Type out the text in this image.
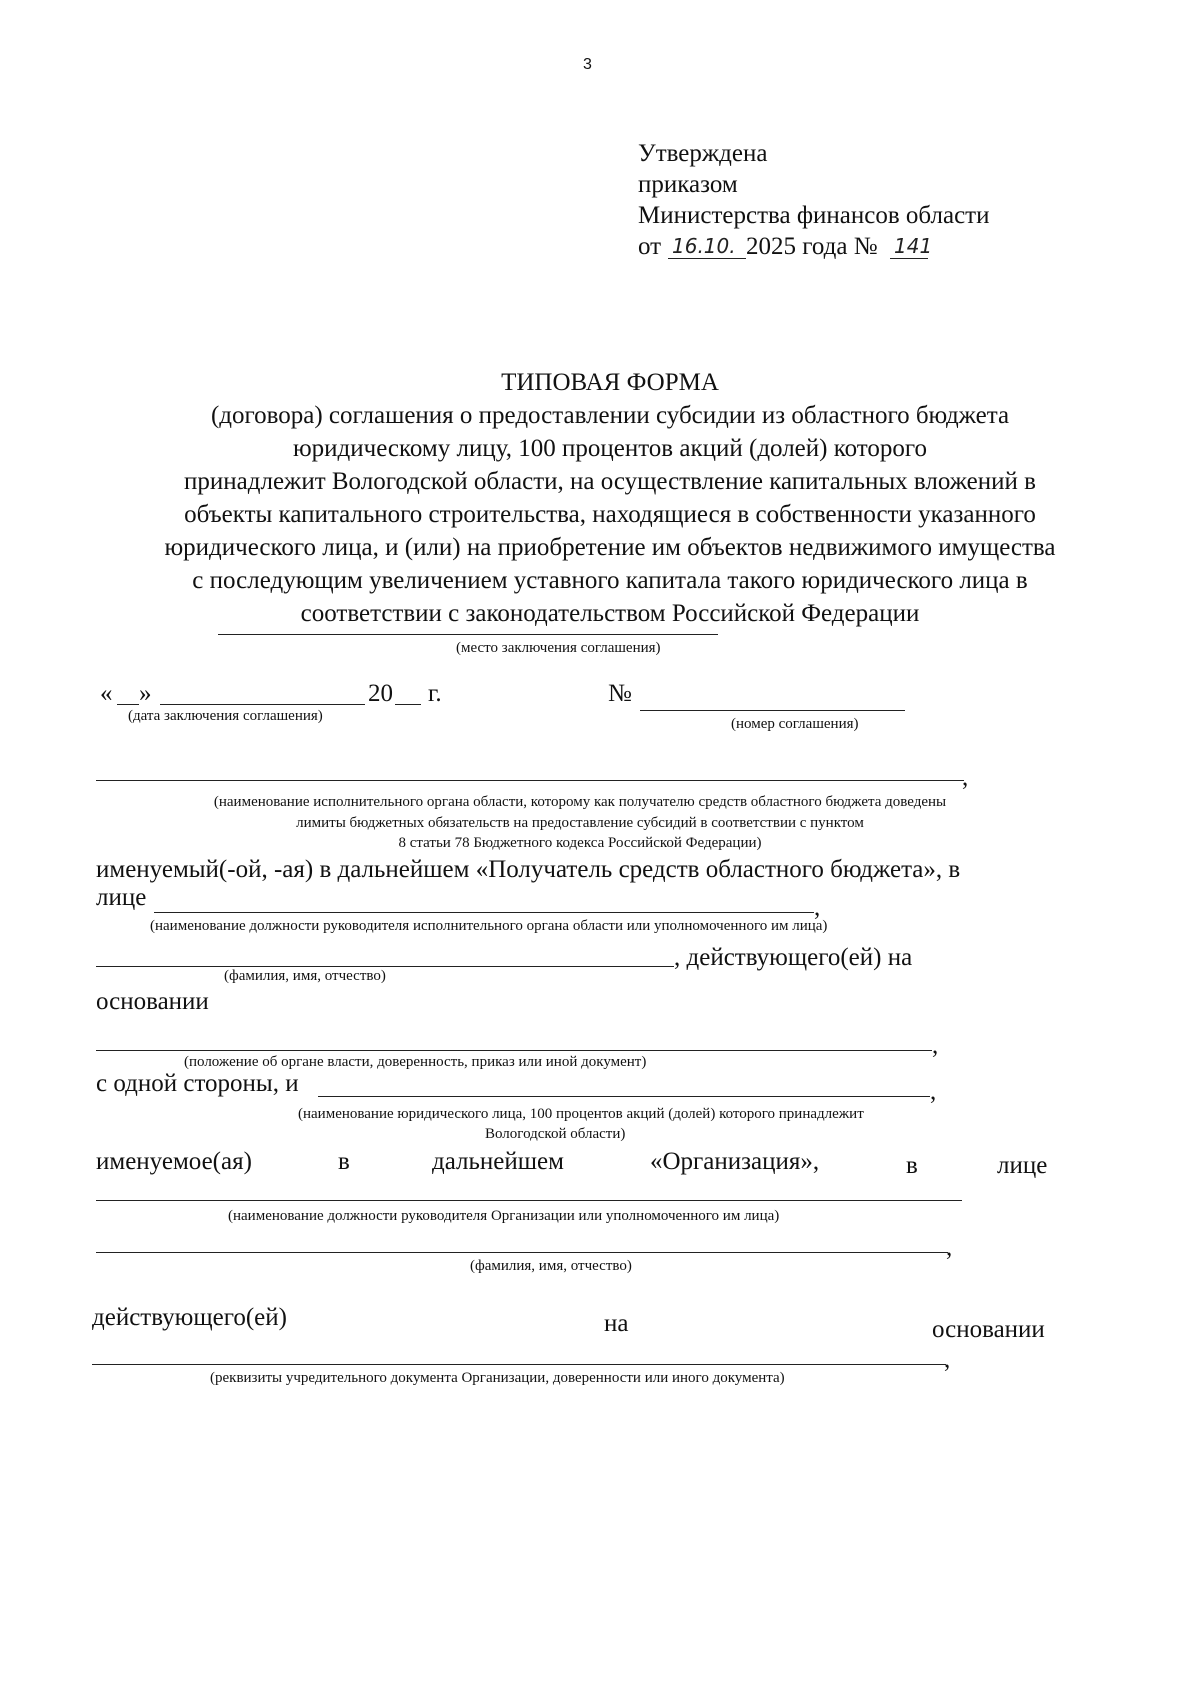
3
Утверждена
приказом
Министерства финансов области
от 16.10. 2025 года № 141
ТИПОВАЯ ФОРМА
(договора) соглашения о предоставлении субсидии из областного бюджета
юридическому лицу, 100 процентов акций (долей) которого
принадлежит Вологодской области, на осуществление капитальных вложений в
объекты капитального строительства, находящиеся в собственности указанного
юридического лица, и (или) на приобретение им объектов недвижимого имущества
с последующим увеличением уставного капитала такого юридического лица в
соответствии с законодательством Российской Федерации
(место заключения соглашения)
« »	20 г.
(дата заключения соглашения)
№
(номер соглашения)
,
(наименование исполнительного органа области, которому как получателю средств областного бюджета доведены
лимиты бюджетных обязательств на предоставление субсидий в соответствии с пунктом
8 статьи 78 Бюджетного кодекса Российской Федерации)
именуемый(-ой, -ая) в дальнейшем «Получатель средств областного бюджета», в
лице	,
(наименование должности руководителя исполнительного органа области или уполномоченного им лица)
, действующего(ей) на
(фамилия, имя, отчество)
основании
,
(положение об органе власти, доверенность, приказ или иной документ)
с одной стороны, и	,
(наименование юридического лица, 100 процентов акций (долей) которого принадлежит
Вологодской области)
именуемое(ая)	в	дальнейшем	«Организация»,	в	лице
(наименование должности руководителя Организации или уполномоченного им лица)
,
(фамилия, имя, отчество)
действующего(ей)	на	основании
,
(реквизиты учредительного документа Организации, доверенности или иного документа)
